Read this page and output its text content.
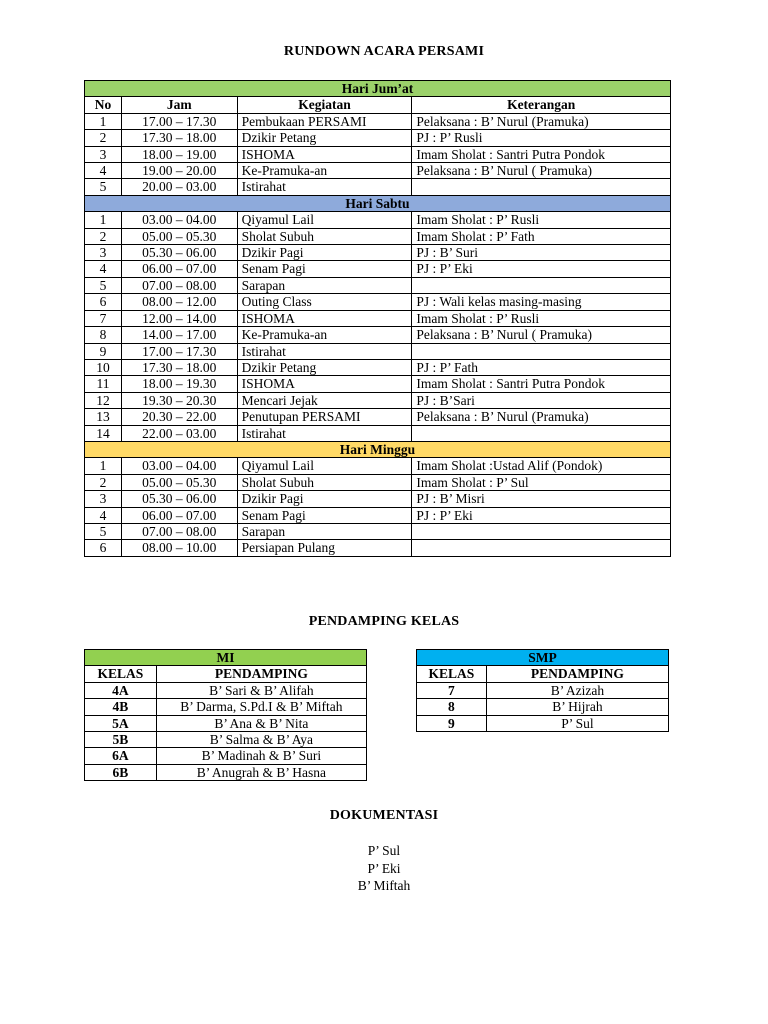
RUNDOWN ACARA PERSAMI
Hari Jum’at			
No	Jam	Kegiatan	Keterangan
1	17.00 – 17.30	Pembukaan PERSAMI	Pelaksana : B’ Nurul (Pramuka)
2	17.30 – 18.00	Dzikir Petang	PJ : P’ Rusli
3	18.00 – 19.00	ISHOMA	Imam Sholat : Santri Putra Pondok
4	19.00 – 20.00	Ke-Pramuka-an	Pelaksana : B’ Nurul ( Pramuka)
5	20.00 – 03.00	Istirahat	
Hari Sabtu			
1	03.00 – 04.00	Qiyamul Lail	Imam Sholat : P’ Rusli
2	05.00 – 05.30	Sholat Subuh	Imam Sholat : P’ Fath
3	05.30 – 06.00	Dzikir Pagi	PJ : B’ Suri
4	06.00 – 07.00	Senam Pagi	PJ : P’ Eki
5	07.00 – 08.00	Sarapan	
6	08.00 – 12.00	Outing Class	PJ : Wali kelas masing-masing
7	12.00 – 14.00	ISHOMA	Imam Sholat : P’ Rusli
8	14.00 – 17.00	Ke-Pramuka-an	Pelaksana : B’ Nurul ( Pramuka)
9	17.00 – 17.30	Istirahat	
10	17.30 – 18.00	Dzikir Petang	PJ : P’ Fath
11	18.00 – 19.30	ISHOMA	Imam Sholat : Santri Putra Pondok
12	19.30 – 20.30	Mencari Jejak	PJ : B’Sari
13	20.30 – 22.00	Penutupan PERSAMI	Pelaksana : B’ Nurul (Pramuka)
14	22.00 – 03.00	Istirahat	
Hari Minggu			
1	03.00 – 04.00	Qiyamul Lail	Imam Sholat :Ustad Alif (Pondok)
2	05.00 – 05.30	Sholat Subuh	Imam Sholat : P’ Sul
3	05.30 – 06.00	Dzikir Pagi	PJ : B’ Misri
4	06.00 – 07.00	Senam Pagi	PJ : P’ Eki
5	07.00 – 08.00	Sarapan	
6	08.00 – 10.00	Persiapan Pulang	
PENDAMPING KELAS
MI	
KELAS	PENDAMPING
4A	B’ Sari & B’ Alifah
4B	B’ Darma, S.Pd.I & B’ Miftah
5A	B’ Ana & B’ Nita
5B	B’ Salma & B’ Aya
6A	B’ Madinah & B’ Suri
6B	B’ Anugrah & B’ Hasna
SMP	
KELAS	PENDAMPING
7	B’ Azizah
8	B’ Hijrah
9	P’ Sul
DOKUMENTASI
P’ Sul
P’ Eki
B’ Miftah
